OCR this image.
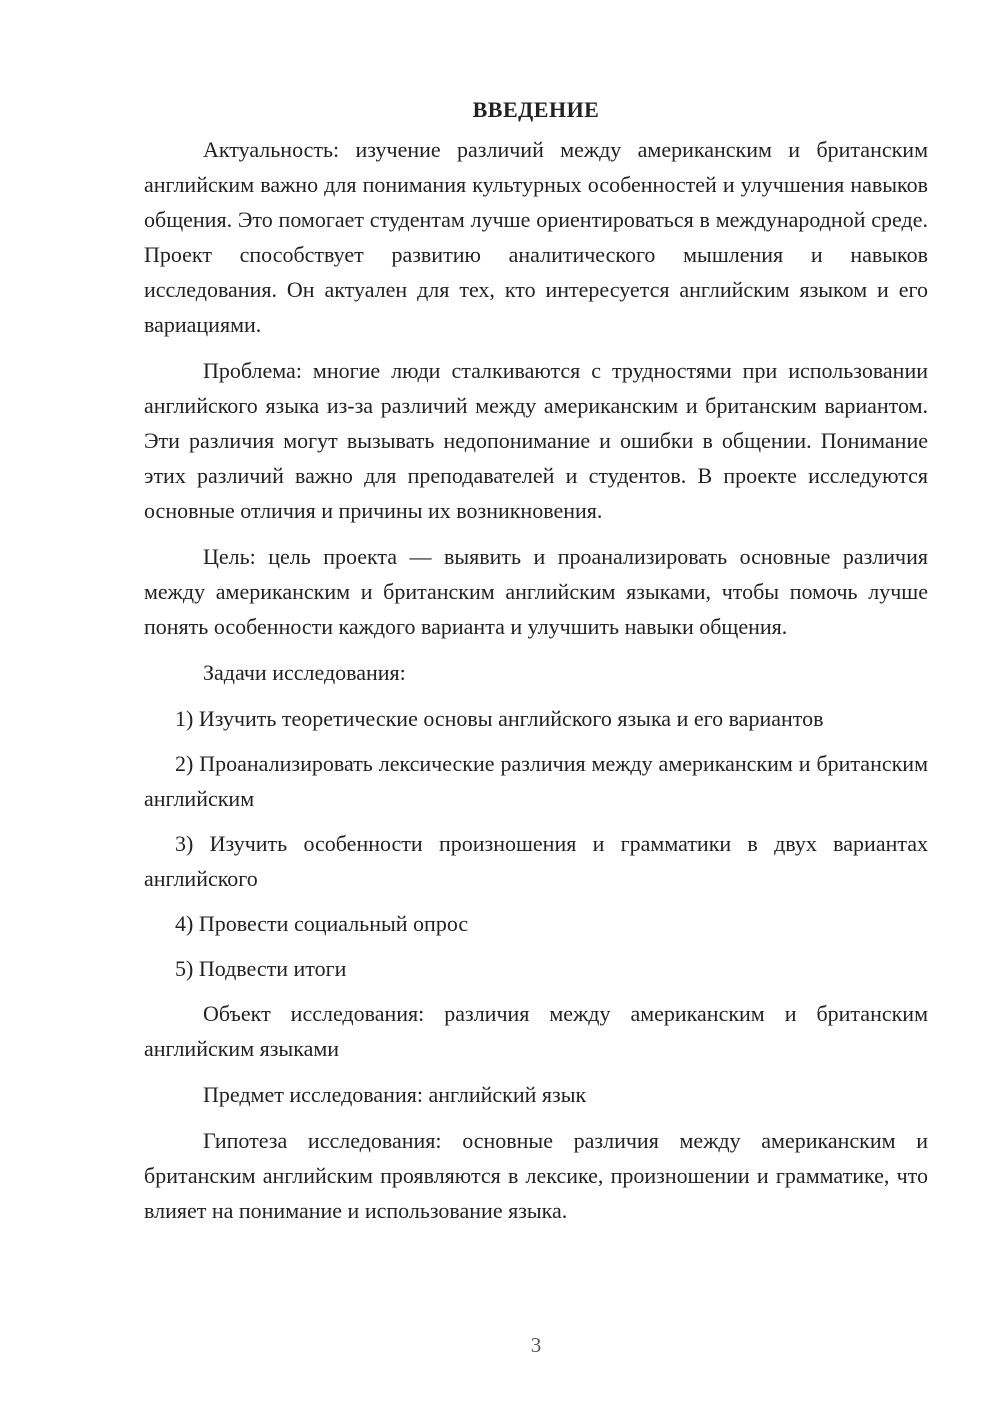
ВВЕДЕНИЕ

Актуальность: изучение различий между американским и британским английским важно для понимания культурных особенностей и улучшения навыков общения. Это помогает студентам лучше ориентироваться в международной среде. Проект способствует развитию аналитического мышления и навыков исследования. Он актуален для тех, кто интересуется английским языком и его вариациями.

Проблема: многие люди сталкиваются с трудностями при использовании английского языка из-за различий между американским и британским вариантом. Эти различия могут вызывать недопонимание и ошибки в общении. Понимание этих различий важно для преподавателей и студентов. В проекте исследуются основные отличия и причины их возникновения.

Цель: цель проекта — выявить и проанализировать основные различия между американским и британским английским языками, чтобы помочь лучше понять особенности каждого варианта и улучшить навыки общения.

Задачи исследования:

1) Изучить теоретические основы английского языка и его вариантов

2) Проанализировать лексические различия между американским и британским английским

3) Изучить особенности произношения и грамматики в двух вариантах английского

4) Провести социальный опрос

5) Подвести итоги

Объект исследования: различия между американским и британским английским языками

Предмет исследования: английский язык

Гипотеза исследования: основные различия между американским и британским английским проявляются в лексике, произношении и грамматике, что влияет на понимание и использование языка.

3
